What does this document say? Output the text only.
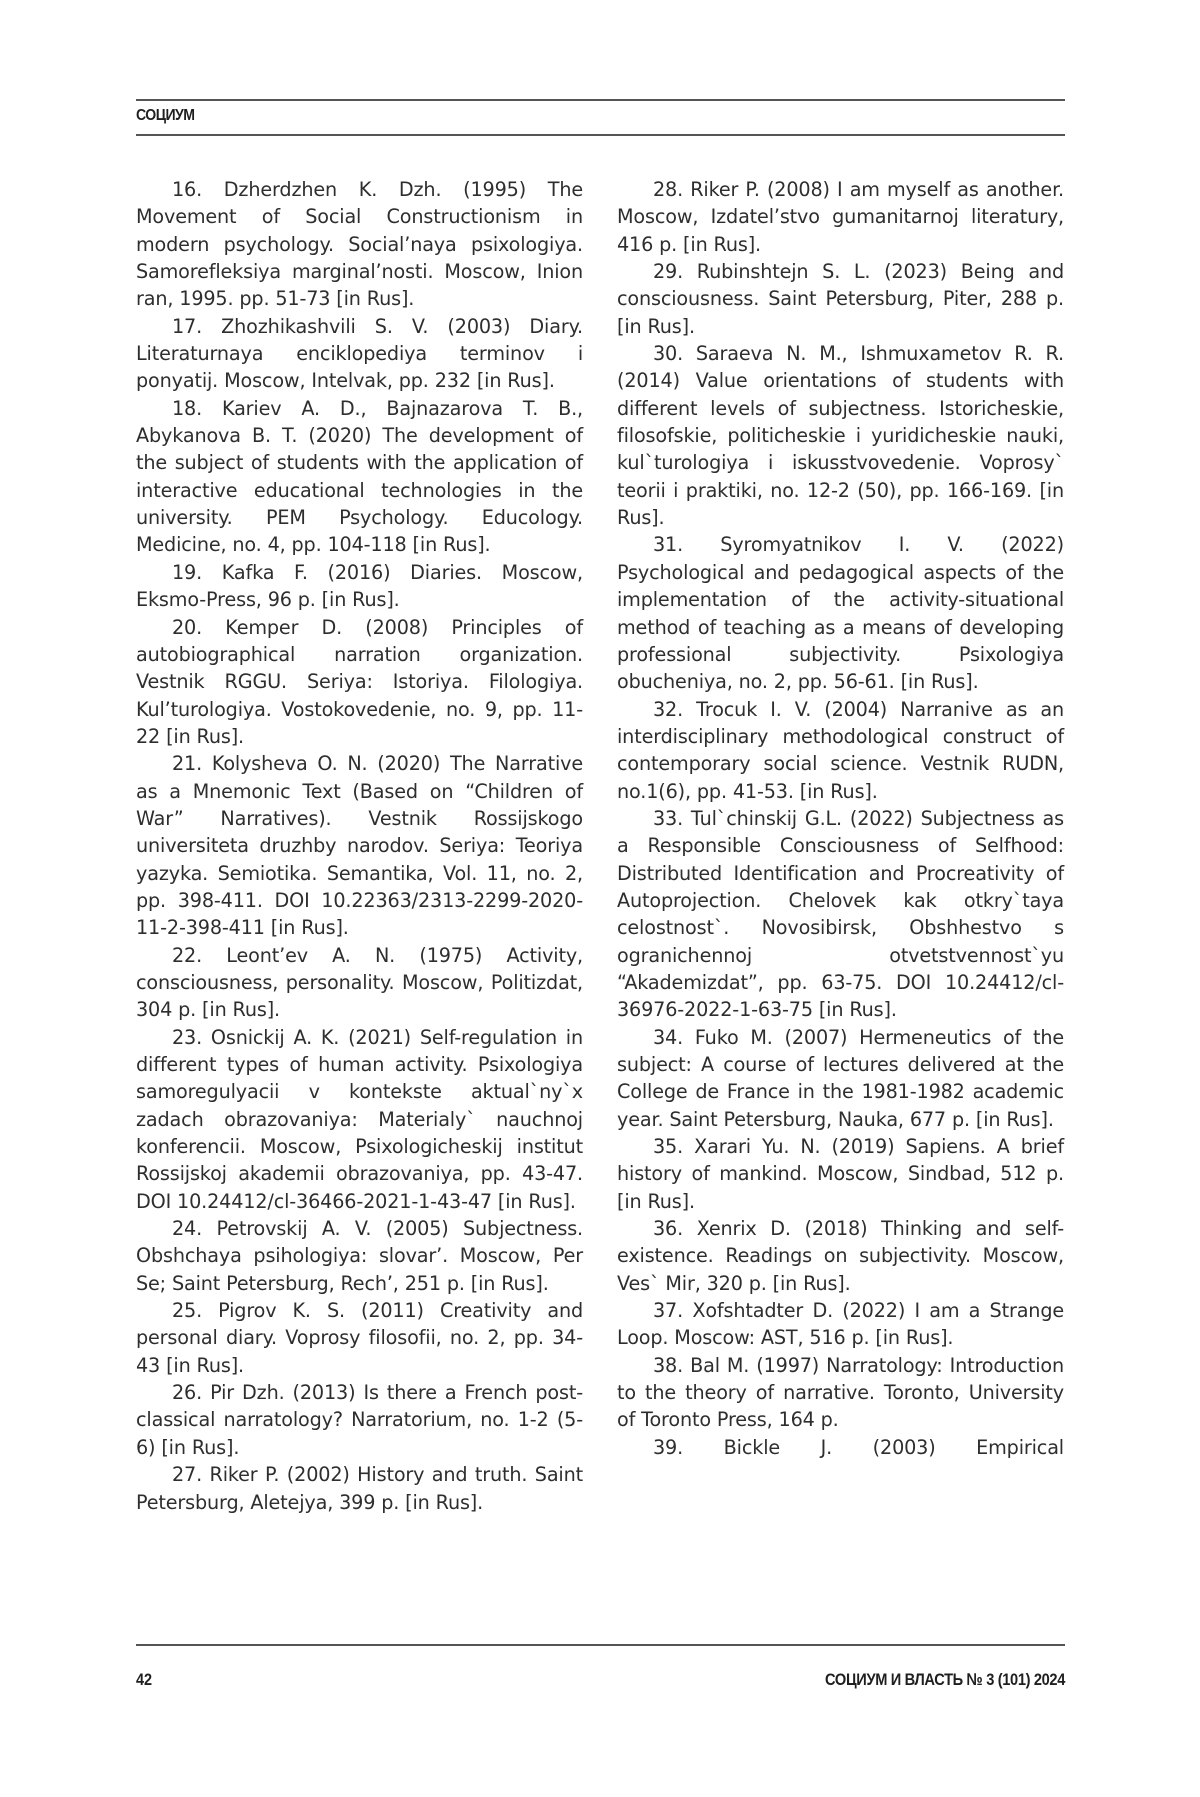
СОЦИУМ

16. Dzherdzhen K. Dzh. (1995) The Movement of Social Constructionism in modern psychology. Social’naya psixologiya. Samorefleksiya marginal’nosti. Moscow, Inion ran, 1995. pp. 51-73 [in Rus].

17. Zhozhikashvili S. V. (2003) Diary. Literaturnaya enciklopediya terminov i ponyatij. Moscow, Intelvak, pp. 232 [in Rus].

18. Kariev A. D., Bajnazarova T. B., Abykanova B. T. (2020) The development of the subject of students with the application of interactive educational technologies in the university. PEM Psychology. Educology. Medicine, no. 4, pp. 104-118 [in Rus].

19. Kafka F. (2016) Diaries. Moscow, Eksmo-Press, 96 p. [in Rus].

20. Kemper D. (2008) Principles of autobiographical narration organization. Vestnik RGGU. Seriya: Istoriya. Filologiya. Kul’turologiya. Vostokovedenie, no. 9, pp. 11-22 [in Rus].

21. Kolysheva O. N. (2020) The Narrative as a Mnemonic Text (Based on “Children of War” Narratives). Vestnik Rossijskogo universiteta druzhby narodov. Seriya: Teoriya yazyka. Semiotika. Semantika, Vol. 11, no. 2, pp. 398-411. DOI 10.22363/2313-2299-2020-11-2-398-411 [in Rus].

22. Leont’ev A. N. (1975) Activity, consciousness, personality. Moscow, Politizdat, 304 p. [in Rus].

23. Osnickij A. K. (2021) Self-regulation in different types of human activity. Psixologiya samoregulyacii v kontekste aktual`ny`x zadach obrazovaniya: Materialy` nauchnoj konferencii. Moscow, Psixologicheskij institut Rossijskoj akademii obrazovaniya, pp. 43-47. DOI 10.24412/cl-36466-2021-1-43-47 [in Rus].

24. Petrovskij A. V. (2005) Subjectness. Obshchaya psihologiya: slovar’. Moscow, Per Se; Saint Petersburg, Rech’, 251 p. [in Rus].

25. Pigrov K. S. (2011) Creativity and personal diary. Voprosy filosofii, no. 2, pp. 34-43 [in Rus].

26. Pir Dzh. (2013) Is there a French post-classical narratology? Narratorium, no. 1-2 (5-6) [in Rus].

27. Riker P. (2002) History and truth. Saint Petersburg, Aletejya, 399 p. [in Rus].

28. Riker P. (2008) I am myself as another. Moscow, Izdatel’stvo gumanitarnoj literatury, 416 p. [in Rus].

29. Rubinshtejn S. L. (2023) Being and consciousness. Saint Petersburg, Piter, 288 p. [in Rus].

30. Saraeva N. M., Ishmuxametov R. R. (2014) Value orientations of students with different levels of subjectness. Istoricheskie, filosofskie, politicheskie i yuridicheskie nauki, kul`turologiya i iskusstvovedenie. Voprosy` teorii i praktiki, no. 12-2 (50), pp. 166-169. [in Rus].

31. Syromyatnikov I. V. (2022) Psychological and pedagogical aspects of the implementation of the activity-situational method of teaching as a means of developing professional subjectivity. Psixologiya obucheniya, no. 2, pp. 56-61. [in Rus].

32. Trocuk I. V. (2004) Narranive as an interdisciplinary methodological construct of contemporary social science. Vestnik RUDN, no.1(6), pp. 41-53. [in Rus].

33. Tul`chinskij G.L. (2022) Subjectness as a Responsible Consciousness of Selfhood: Distributed Identification and Procreativity of Autoprojection. Chelovek kak otkry`taya celostnost`. Novosibirsk, Obshhestvo s ogranichennoj otvetstvennost`yu “Akademizdat”, pp. 63-75. DOI 10.24412/cl-36976-2022-1-63-75 [in Rus].

34. Fuko M. (2007) Hermeneutics of the subject: A course of lectures delivered at the College de France in the 1981-1982 academic year. Saint Petersburg, Nauka, 677 p. [in Rus].

35. Xarari Yu. N. (2019) Sapiens. A brief history of mankind. Moscow, Sindbad, 512 p. [in Rus].

36. Xenrix D. (2018) Thinking and self-existence. Readings on subjectivity. Moscow, Ves` Mir, 320 p. [in Rus].

37. Xofshtadter D. (2022) I am a Strange Loop. Moscow: AST, 516 p. [in Rus].

38. Bal M. (1997) Narratology: Introduction to the theory of narrative. Toronto, University of Toronto Press, 164 p.

39. Bickle J. (2003) Empirical

42	СОЦИУМ И ВЛАСТЬ № 3 (101) 2024
